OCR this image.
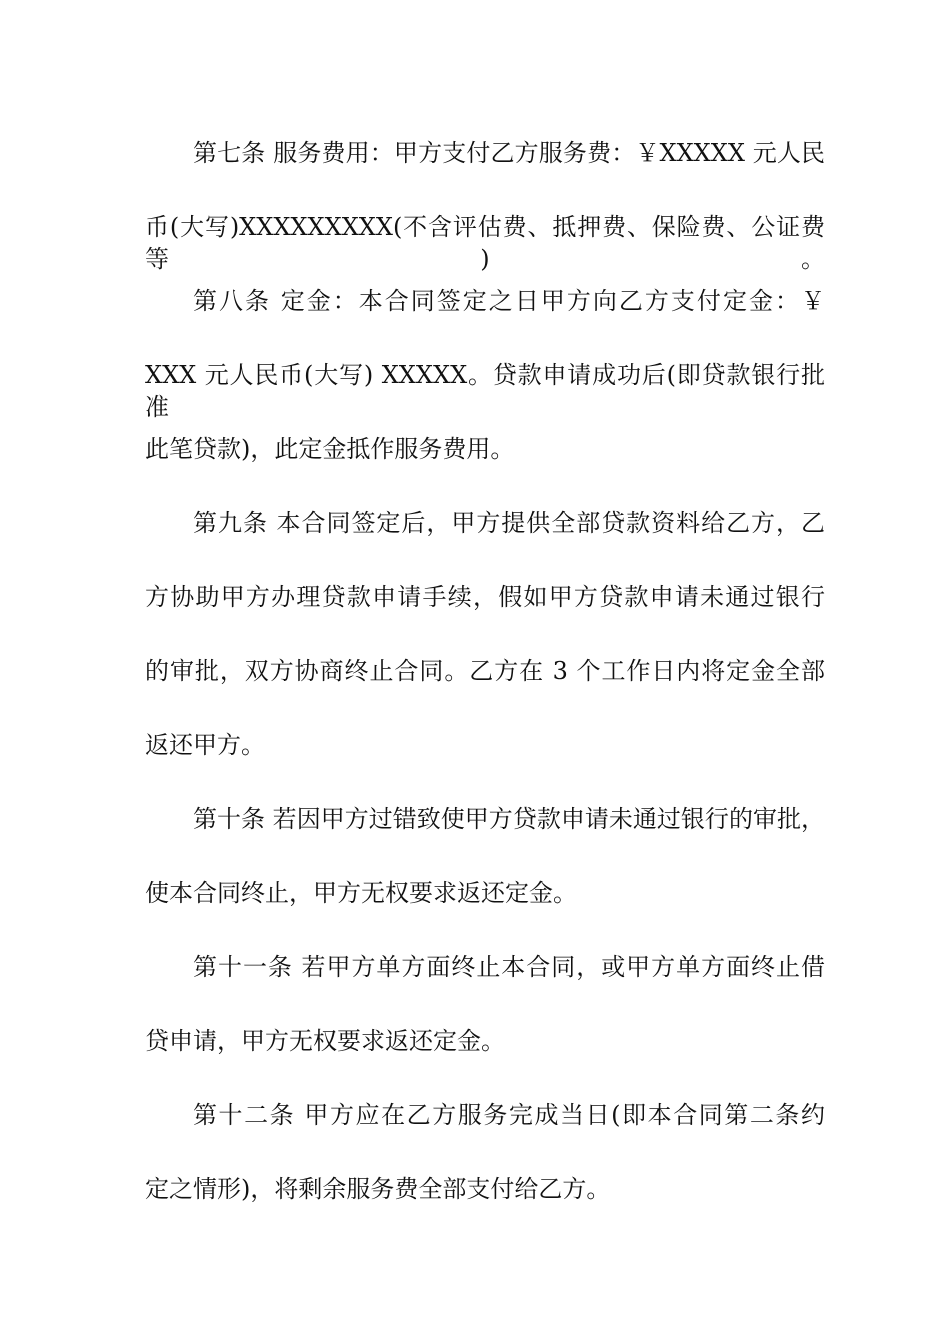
第七条 服务费用：甲方支付乙方服务费：￥XXXXX 元人民
币(大写)XXXXXXXXX(不含评估费、抵押费、保险费、公证费等)。
第八条 定金：本合同签定之日甲方向乙方支付定金：￥
XXX 元人民币(大写) XXXXX。贷款申请成功后(即贷款银行批准
此笔贷款)，此定金抵作服务费用。
第九条 本合同签定后，甲方提供全部贷款资料给乙方，乙
方协助甲方办理贷款申请手续，假如甲方贷款申请未通过银行
的审批，双方协商终止合同。乙方在 3 个工作日内将定金全部
返还甲方。
第十条 若因甲方过错致使甲方贷款申请未通过银行的审批，
使本合同终止，甲方无权要求返还定金。
第十一条 若甲方单方面终止本合同，或甲方单方面终止借
贷申请，甲方无权要求返还定金。
第十二条 甲方应在乙方服务完成当日(即本合同第二条约
定之情形)，将剩余服务费全部支付给乙方。
